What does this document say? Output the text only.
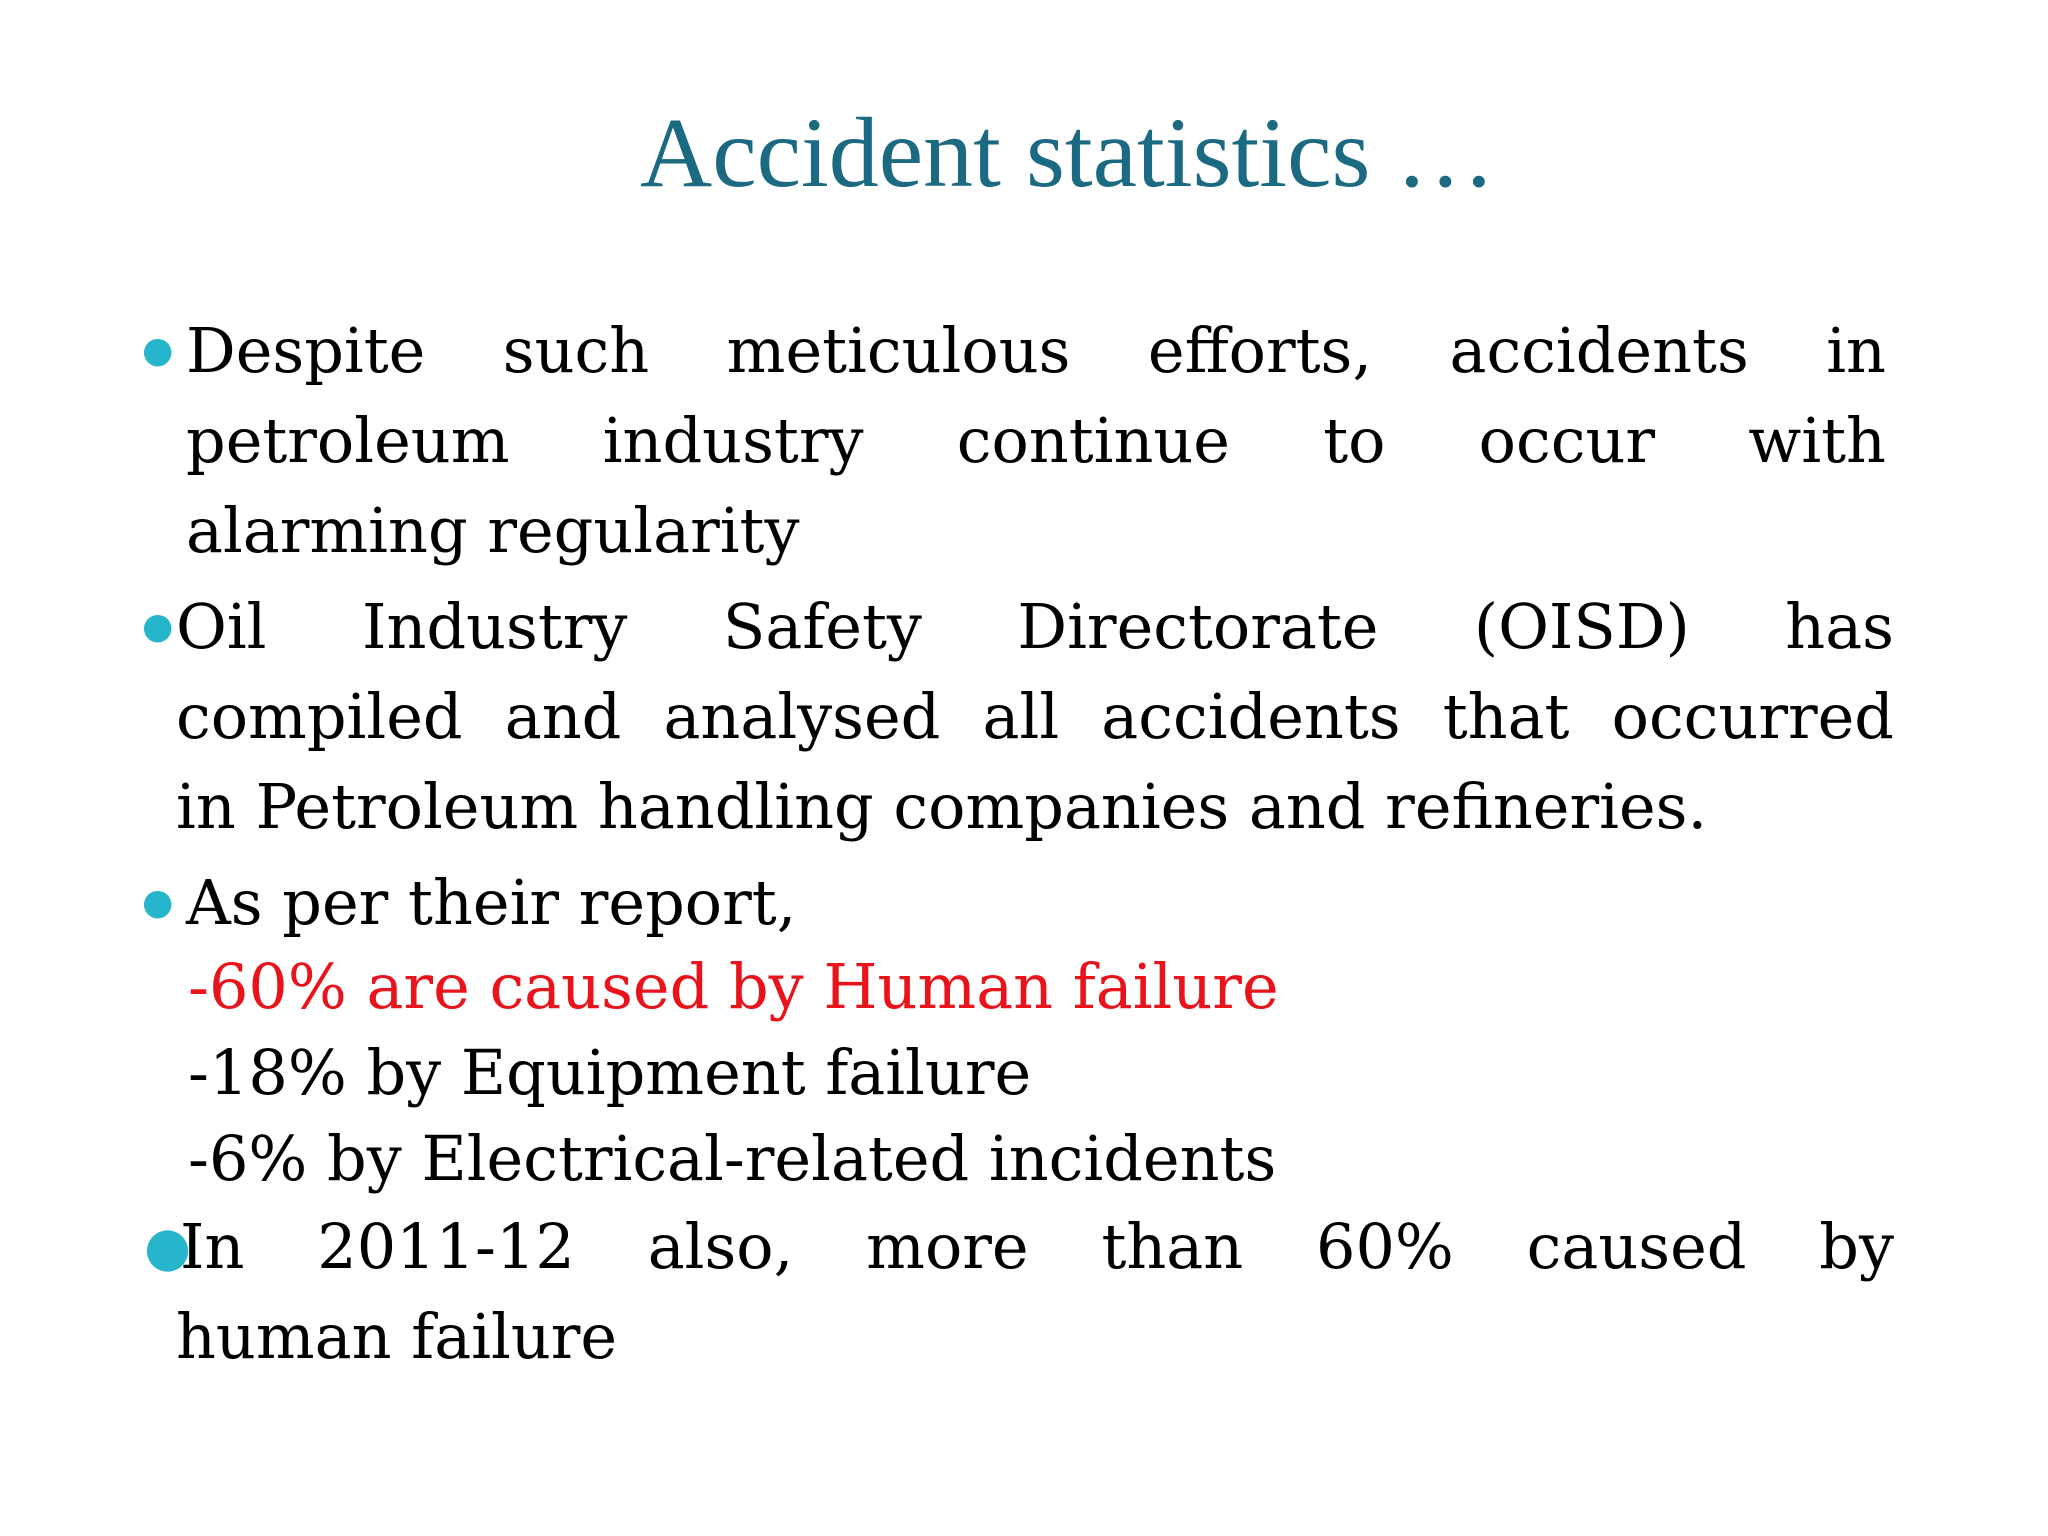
Accident statistics …
● Despite such meticulous efforts, accidents in
petroleum industry continue to occur with
alarming regularity
● Oil Industry Safety Directorate (OISD) has
compiled and analysed all accidents that occurred
in Petroleum handling companies and refineries.
● As per their report,
-60% are caused by Human failure
-18% by Equipment failure
-6% by Electrical-related incidents
●
In 2011-12 also, more than 60% caused by
human failure
